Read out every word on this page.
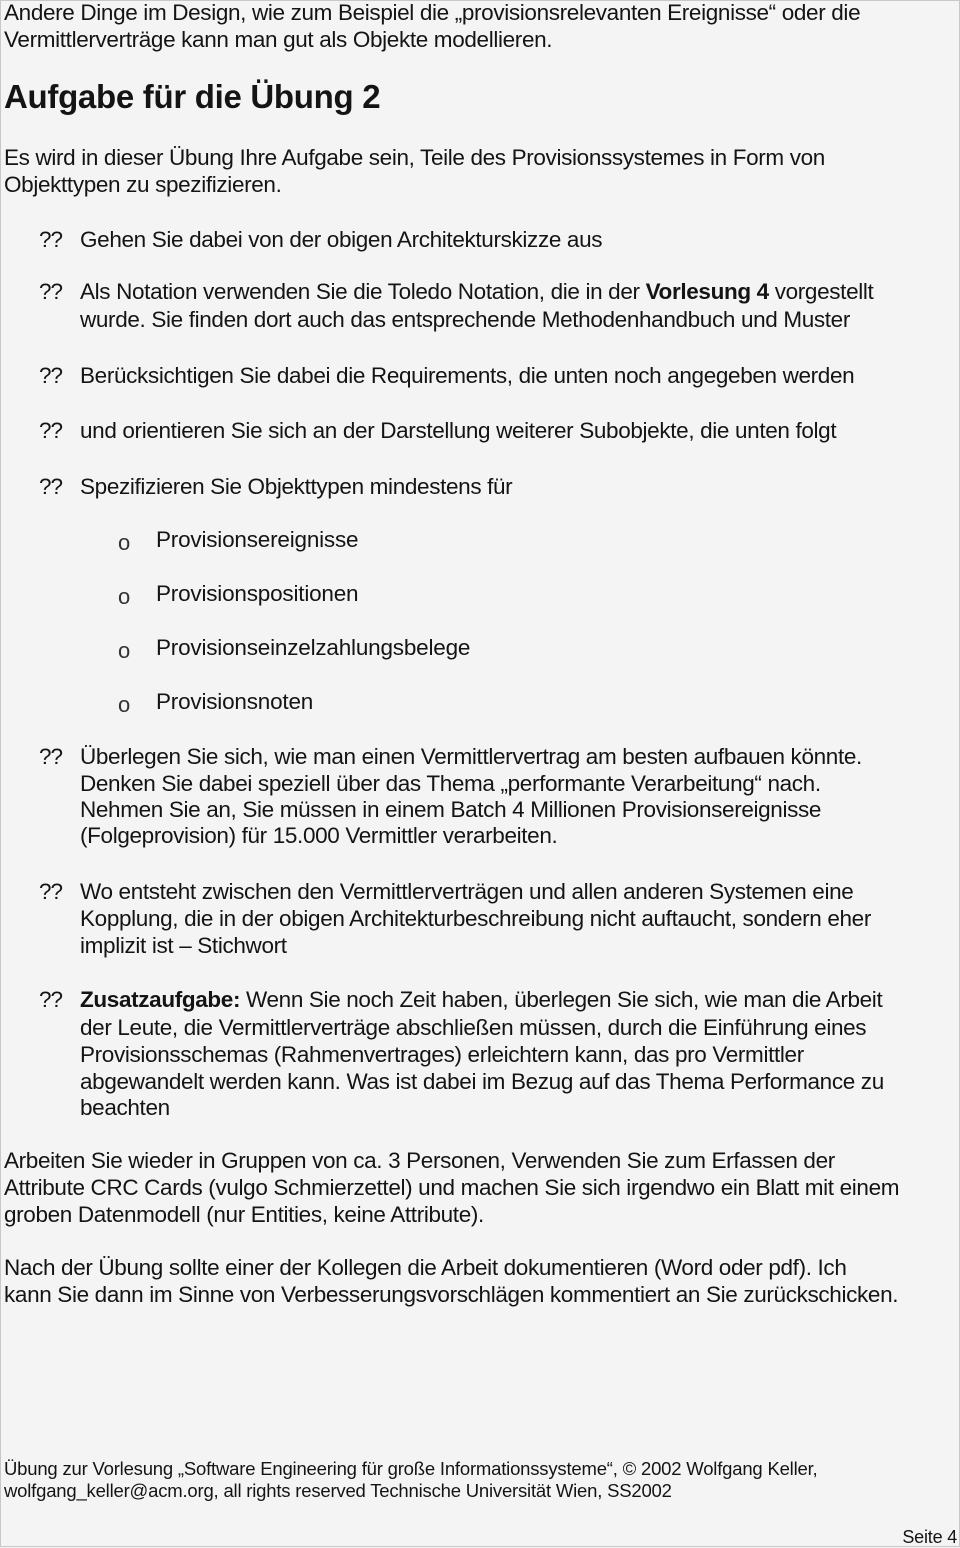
Andere Dinge im Design, wie zum Beispiel die „provisionsrelevanten Ereignisse“ oder die
Vermittlerverträge kann man gut als Objekte modellieren.
Aufgabe für die Übung 2
Es wird in dieser Übung Ihre Aufgabe sein, Teile des Provisionssystemes in Form von
Objekttypen zu spezifizieren.
?? Gehen Sie dabei von der obigen Architekturskizze aus
?? Als Notation verwenden Sie die Toledo Notation, die in der Vorlesung 4 vorgestellt
wurde. Sie finden dort auch das entsprechende Methodenhandbuch und Muster
?? Berücksichtigen Sie dabei die Requirements, die unten noch angegeben werden
?? und orientieren Sie sich an der Darstellung weiterer Subobjekte, die unten folgt
?? Spezifizieren Sie Objekttypen mindestens für
o Provisionsereignisse
o Provisionspositionen
o Provisionseinzelzahlungsbelege
o Provisionsnoten
?? Überlegen Sie sich, wie man einen Vermittlervertrag am besten aufbauen könnte.
Denken Sie dabei speziell über das Thema „performante Verarbeitung“ nach.
Nehmen Sie an, Sie müssen in einem Batch 4 Millionen Provisionsereignisse
(Folgeprovision) für 15.000 Vermittler verarbeiten.
?? Wo entsteht zwischen den Vermittlerverträgen und allen anderen Systemen eine
Kopplung, die in der obigen Architekturbeschreibung nicht auftaucht, sondern eher
implizit ist – Stichwort
?? Zusatzaufgabe: Wenn Sie noch Zeit haben, überlegen Sie sich, wie man die Arbeit
der Leute, die Vermittlerverträge abschließen müssen, durch die Einführung eines
Provisionsschemas (Rahmenvertrages) erleichtern kann, das pro Vermittler
abgewandelt werden kann. Was ist dabei im Bezug auf das Thema Performance zu
beachten
Arbeiten Sie wieder in Gruppen von ca. 3 Personen, Verwenden Sie zum Erfassen der
Attribute CRC Cards (vulgo Schmierzettel) und machen Sie sich irgendwo ein Blatt mit einem
groben Datenmodell (nur Entities, keine Attribute).
Nach der Übung sollte einer der Kollegen die Arbeit dokumentieren (Word oder pdf). Ich
kann Sie dann im Sinne von Verbesserungsvorschlägen kommentiert an Sie zurückschicken.
Übung zur Vorlesung „Software Engineering für große Informationssysteme“, © 2002 Wolfgang Keller,
wolfgang_keller@acm.org, all rights reserved Technische Universität Wien, SS2002
Seite 4
